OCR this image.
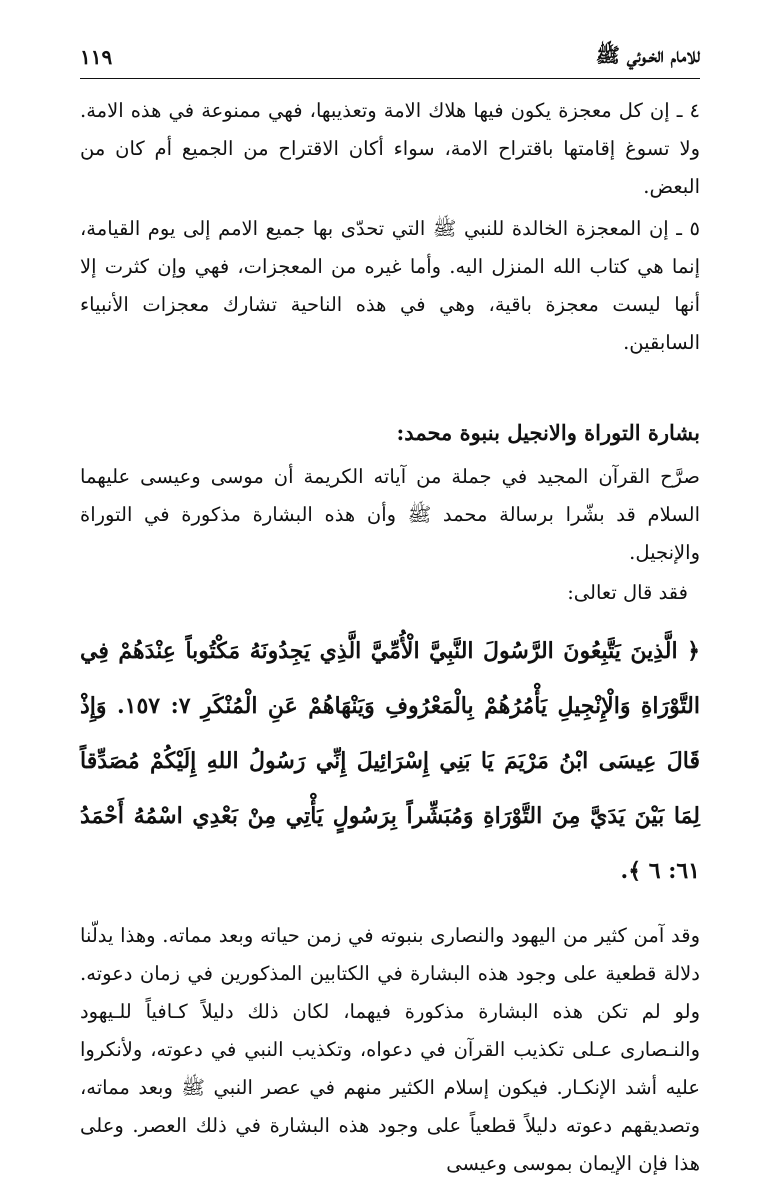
للامام الخـوئي ﷺ
١١٩

٤ ـ إن كل معجزة يكون فيها هلاك الامة وتعذيبها، فهي ممنوعة في هذه الامة. ولا تسوغ إقامتها باقتراح الامة، سواء أكان الاقتراح من الجميع أم كان من البعض.

٥ ـ إن المعجزة الخالدة للنبي ﷺ التي تحدّى بها جميع الامم إلى يوم القيامة، إنما هي كتاب الله المنزل اليه. وأما غيره من المعجزات، فهي وإن كثرت إلا أنها ليست معجزة باقية، وهي في هذه الناحية تشارك معجزات الأنبياء السابقين.

بشارة التوراة والانجيل بنبوة محمد:

صرَّح القرآن المجيد في جملة من آياته الكريمة أن موسى وعيسى عليهما السلام قد بشّرا برسالة محمد ﷺ وأن هذه البشارة مذكورة في التوراة والإنجيل.

فقد قال تعالى:
﴿ الَّذِينَ يَتَّبِعُونَ الرَّسُولَ النَّبِيَّ الْأُمِّيَّ الَّذِي يَجِدُونَهُ مَكْتُوباً عِنْدَهُمْ فِي التَّوْرَاةِ وَالْإِنْجِيلِ يَأْمُرُهُمْ بِالْمَعْرُوفِ وَيَنْهَاهُمْ عَنِ الْمُنْكَرِ ٧: ١٥٧. وَإِذْ قَالَ عِيسَى ابْنُ مَرْيَمَ يَا بَنِي إِسْرَائِيلَ إِنِّي رَسُولُ اللهِ إِلَيْكُمْ مُصَدِّقاً لِمَا بَيْنَ يَدَيَّ مِنَ التَّوْرَاةِ وَمُبَشِّراً بِرَسُولٍ يَأْتِي مِنْ بَعْدِي اسْمُهُ أَحْمَدُ ٦١: ٦ ﴾.

وقد آمن كثير من اليهود والنصارى بنبوته في زمن حياته وبعد مماته. وهذا يدلّنا دلالة قطعية على وجود هذه البشارة في الكتابين المذكورين في زمان دعوته. ولو لم تكن هذه البشارة مذكورة فيهما، لكان ذلك دليلاً كـافياً للـيهود والنـصارى عـلى تكذيب القرآن في دعواه، وتكذيب النبي في دعوته، ولأنكروا عليه أشد الإنكـار. فيكون إسلام الكثير منهم في عصر النبي ﷺ وبعد مماته، وتصديقهم دعوته دليلاً قطعياً على وجود هذه البشارة في ذلك العصر. وعلى هذا فإن الإيمان بموسى وعيسى
